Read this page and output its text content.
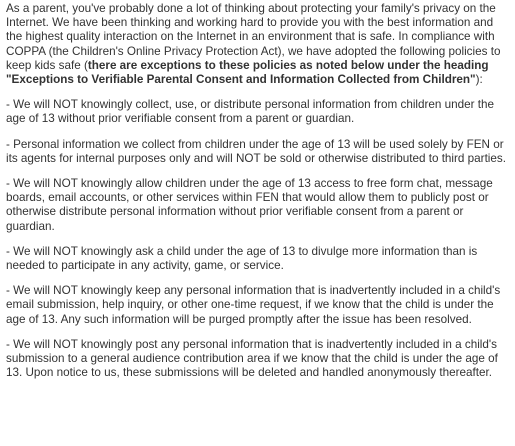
As a parent, you've probably done a lot of thinking about protecting your family's privacy on the Internet. We have been thinking and working hard to provide you with the best information and the highest quality interaction on the Internet in an environment that is safe. In compliance with COPPA (the Children's Online Privacy Protection Act), we have adopted the following policies to keep kids safe (there are exceptions to these policies as noted below under the heading "Exceptions to Verifiable Parental Consent and Information Collected from Children"):

- We will NOT knowingly collect, use, or distribute personal information from children under the age of 13 without prior verifiable consent from a parent or guardian.

- Personal information we collect from children under the age of 13 will be used solely by FEN or its agents for internal purposes only and will NOT be sold or otherwise distributed to third parties.

- We will NOT knowingly allow children under the age of 13 access to free form chat, message boards, email accounts, or other services within FEN that would allow them to publicly post or otherwise distribute personal information without prior verifiable consent from a parent or guardian.

- We will NOT knowingly ask a child under the age of 13 to divulge more information than is needed to participate in any activity, game, or service.

- We will NOT knowingly keep any personal information that is inadvertently included in a child's email submission, help inquiry, or other one-time request, if we know that the child is under the age of 13. Any such information will be purged promptly after the issue has been resolved.

- We will NOT knowingly post any personal information that is inadvertently included in a child's submission to a general audience contribution area if we know that the child is under the age of 13. Upon notice to us, these submissions will be deleted and handled anonymously thereafter.
